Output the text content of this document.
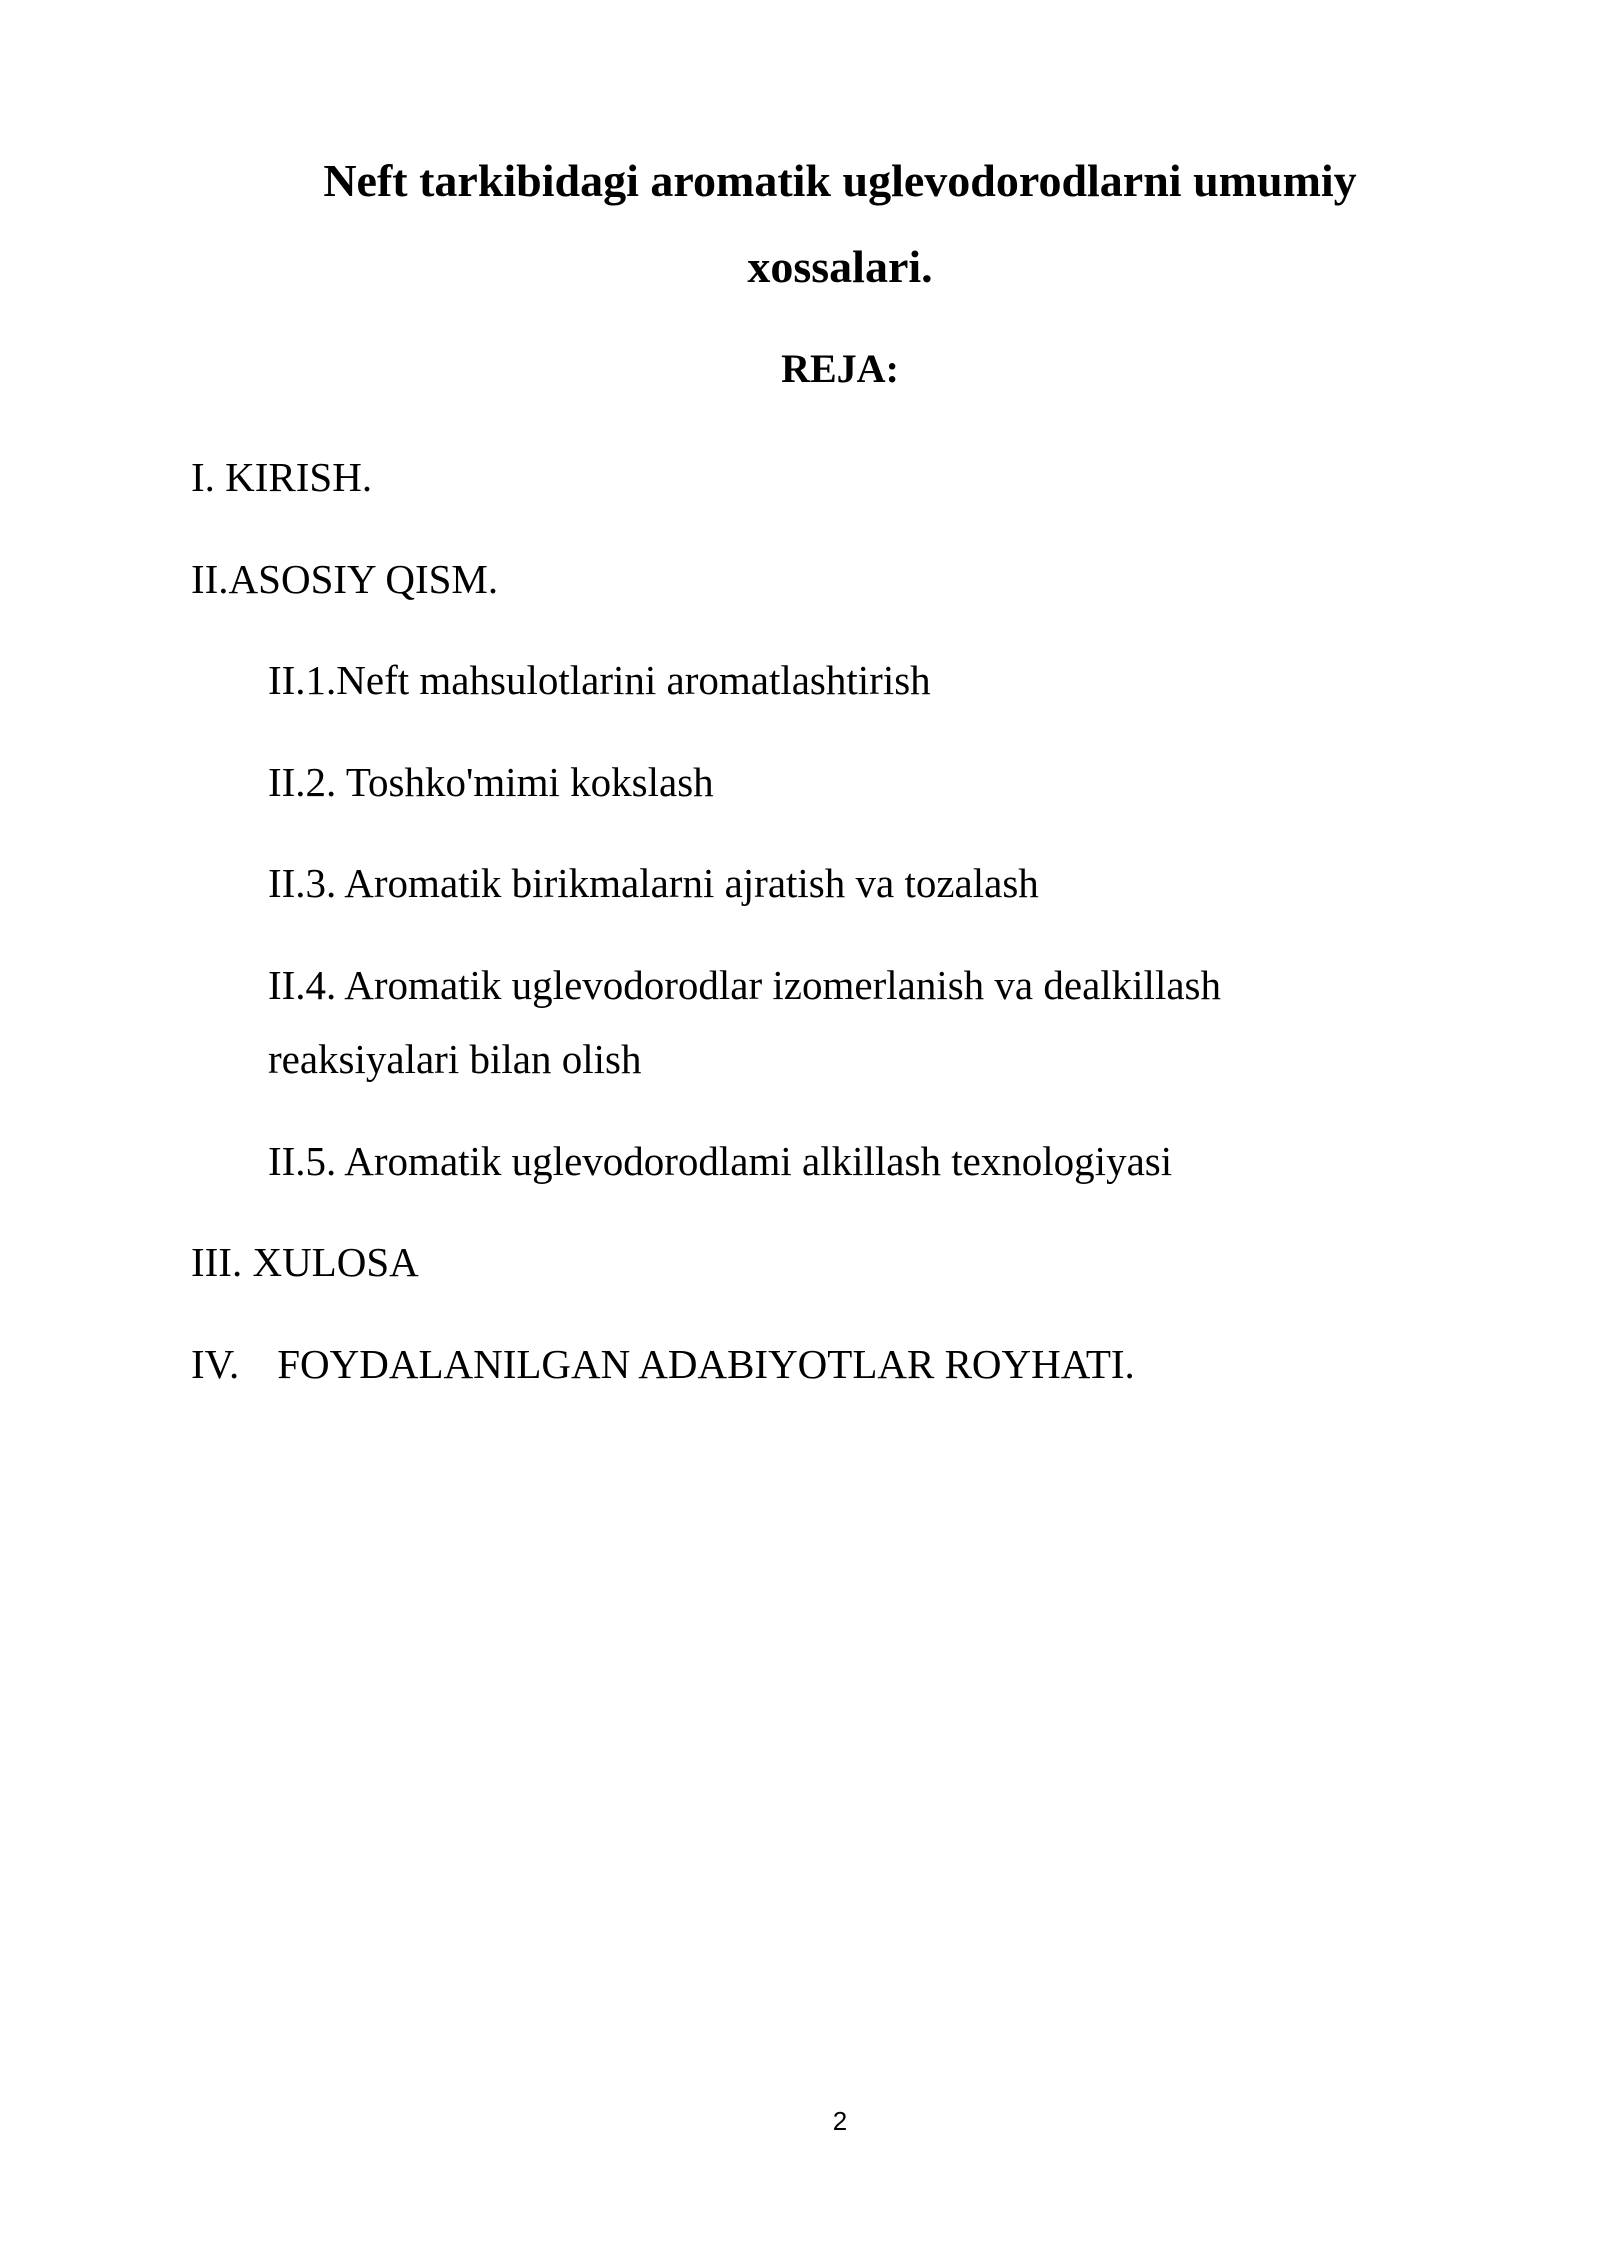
Neft tarkibidagi aromatik uglevodorodlarni umumiy

xossalari.

REJA:

I. KIRISH.

II.ASOSIY QISM.

II.1.Neft mahsulotlarini aromatlashtirish

II.2. Toshko'mimi kokslash

II.3. Aromatik birikmalarni ajratish va tozalash

II.4. Aromatik uglevodorodlar izomerlanish va dealkillash

reaksiyalari bilan olish

II.5. Aromatik uglevodorodlami alkillash texnologiyasi

III. XULOSA

IV. FOYDALANILGAN ADABIYOTLAR ROYHATI.

2
